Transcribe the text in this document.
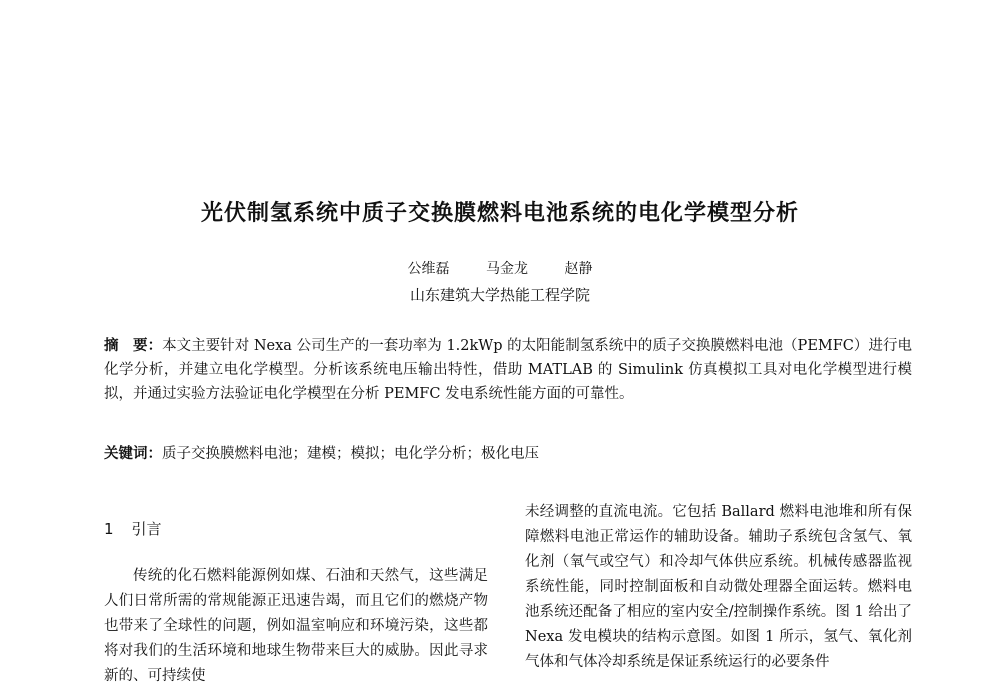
光伏制氢系统中质子交换膜燃料电池系统的电化学模型分析
公维磊	马金龙	赵静
山东建筑大学热能工程学院
摘　要：本文主要针对 Nexa 公司生产的一套功率为 1.2kWp 的太阳能制氢系统中的质子交换膜燃料电池（PEMFC）进行电化学分析，并建立电化学模型。分析该系统电压输出特性，借助 MATLAB 的 Simulink 仿真模拟工具对电化学模型进行模拟，并通过实验方法验证电化学模型在分析 PEMFC 发电系统性能方面的可靠性。
关键词：质子交换膜燃料电池；建模；模拟；电化学分析；极化电压
1 引言

传统的化石燃料能源例如煤、石油和天然气，这些满足人们日常所需的常规能源正迅速告竭，而且它们的燃烧产物也带来了全球性的问题，例如温室响应和环境污染，这些都将对我们的生活环境和地球生物带来巨大的威胁。因此寻求新的、可持续使

未经调整的直流电流。它包括 Ballard 燃料电池堆和所有保障燃料电池正常运作的辅助设备。辅助子系统包含氢气、氧化剂（氧气或空气）和冷却气体供应系统。机械传感器监视系统性能，同时控制面板和自动微处理器全面运转。燃料电池系统还配备了相应的室内安全/控制操作系统。图 1 给出了 Nexa 发电模块的结构示意图。如图 1 所示，氢气、氧化剂气体和气体冷却系统是保证系统运行的必要条件
